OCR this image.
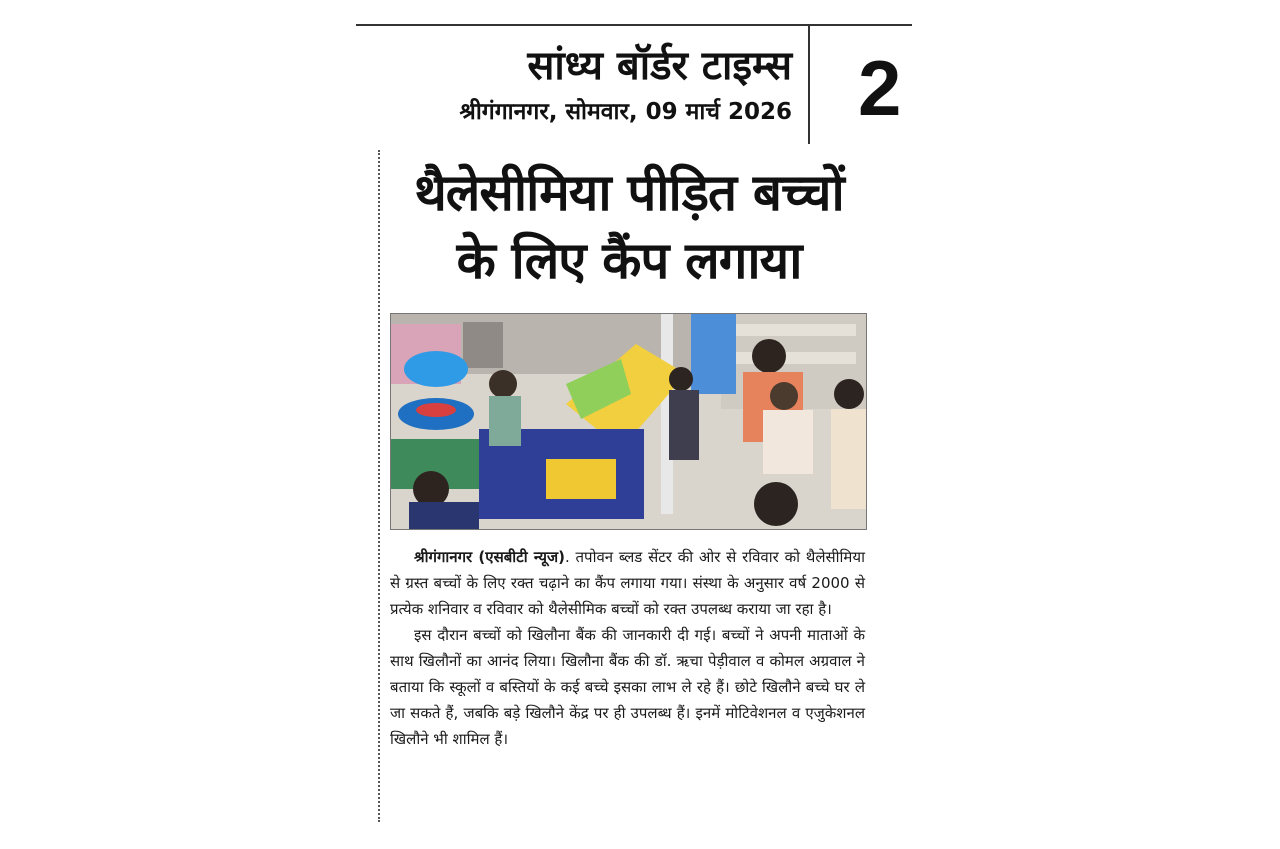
सांध्य बॉर्डर टाइम्स
श्रीगंगानगर, सोमवार, 09 मार्च 2026 2
थैलेसीमिया पीड़ित बच्चों
के लिए कैंप लगाया

श्रीगंगानगर (एसबीटी न्यूज). तपोवन ब्लड सेंटर की ओर से रविवार को थैलेसीमिया से ग्रस्त बच्चों के लिए रक्त चढ़ाने का कैंप लगाया गया। संस्था के अनुसार वर्ष 2000 से प्रत्येक शनिवार व रविवार को थैलेसीमिक बच्चों को रक्त उपलब्ध कराया जा रहा है।

इस दौरान बच्चों को खिलौना बैंक की जानकारी दी गई। बच्चों ने अपनी माताओं के साथ खिलौनों का आनंद लिया। खिलौना बैंक की डॉ. ऋचा पेड़ीवाल व कोमल अग्रवाल ने बताया कि स्कूलों व बस्तियों के कई बच्चे इसका लाभ ले रहे हैं। छोटे खिलौने बच्चे घर ले जा सकते हैं, जबकि बड़े खिलौने केंद्र पर ही उपलब्ध हैं। इनमें मोटिवेशनल व एजुकेशनल खिलौने भी शामिल हैं।
